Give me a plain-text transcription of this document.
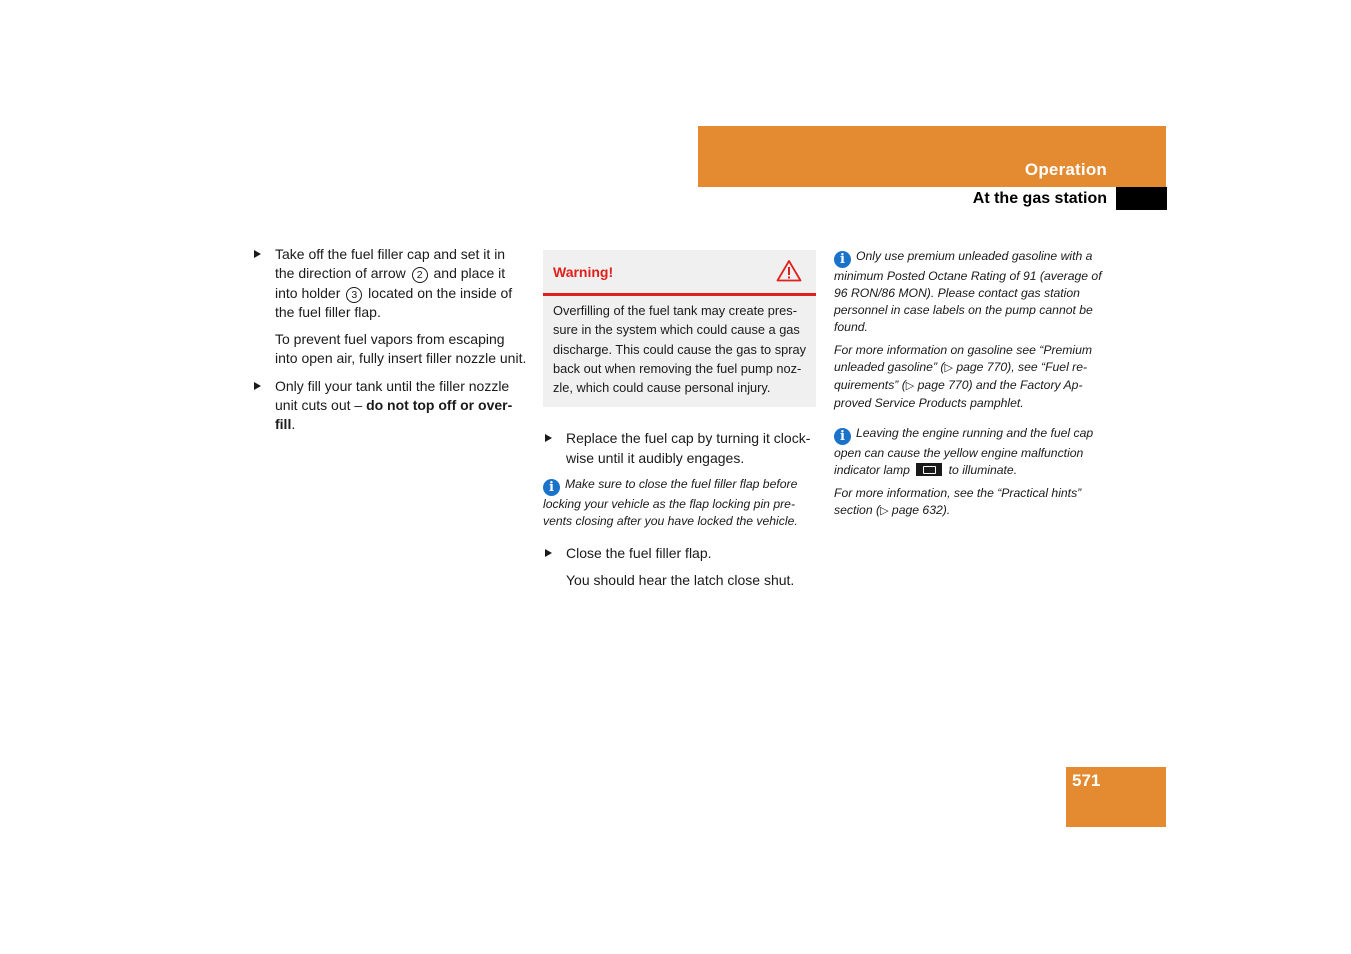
Operation
At the gas station
Take off the fuel filler cap and set it in the direction of arrow 2 and place it into holder 3 located on the inside of the fuel filler flap.

To prevent fuel vapors from escaping into open air, fully insert filler nozzle unit.

Only fill your tank until the filler nozzle unit cuts out – do not top off or over-fill.
Warning!
Overfilling of the fuel tank may create pres-sure in the system which could cause a gas discharge. This could cause the gas to spray back out when removing the fuel pump noz-zle, which could cause personal injury.
Replace the fuel cap by turning it clock-wise until it audibly engages.

i Make sure to close the fuel filler flap before locking your vehicle as the flap locking pin pre-vents closing after you have locked the vehicle.

Close the fuel filler flap.

You should hear the latch close shut.

i Only use premium unleaded gasoline with a minimum Posted Octane Rating of 91 (average of 96 RON/86 MON). Please contact gas station personnel in case labels on the pump cannot be found.

For more information on gasoline see “Premium unleaded gasoline” (▷ page 770), see “Fuel re-quirements” (▷ page 770) and the Factory Ap-proved Service Products pamphlet.

i Leaving the engine running and the fuel cap open can cause the yellow engine malfunction indicator lamp	to illuminate.

For more information, see the “Practical hints” section (▷ page 632).

571
